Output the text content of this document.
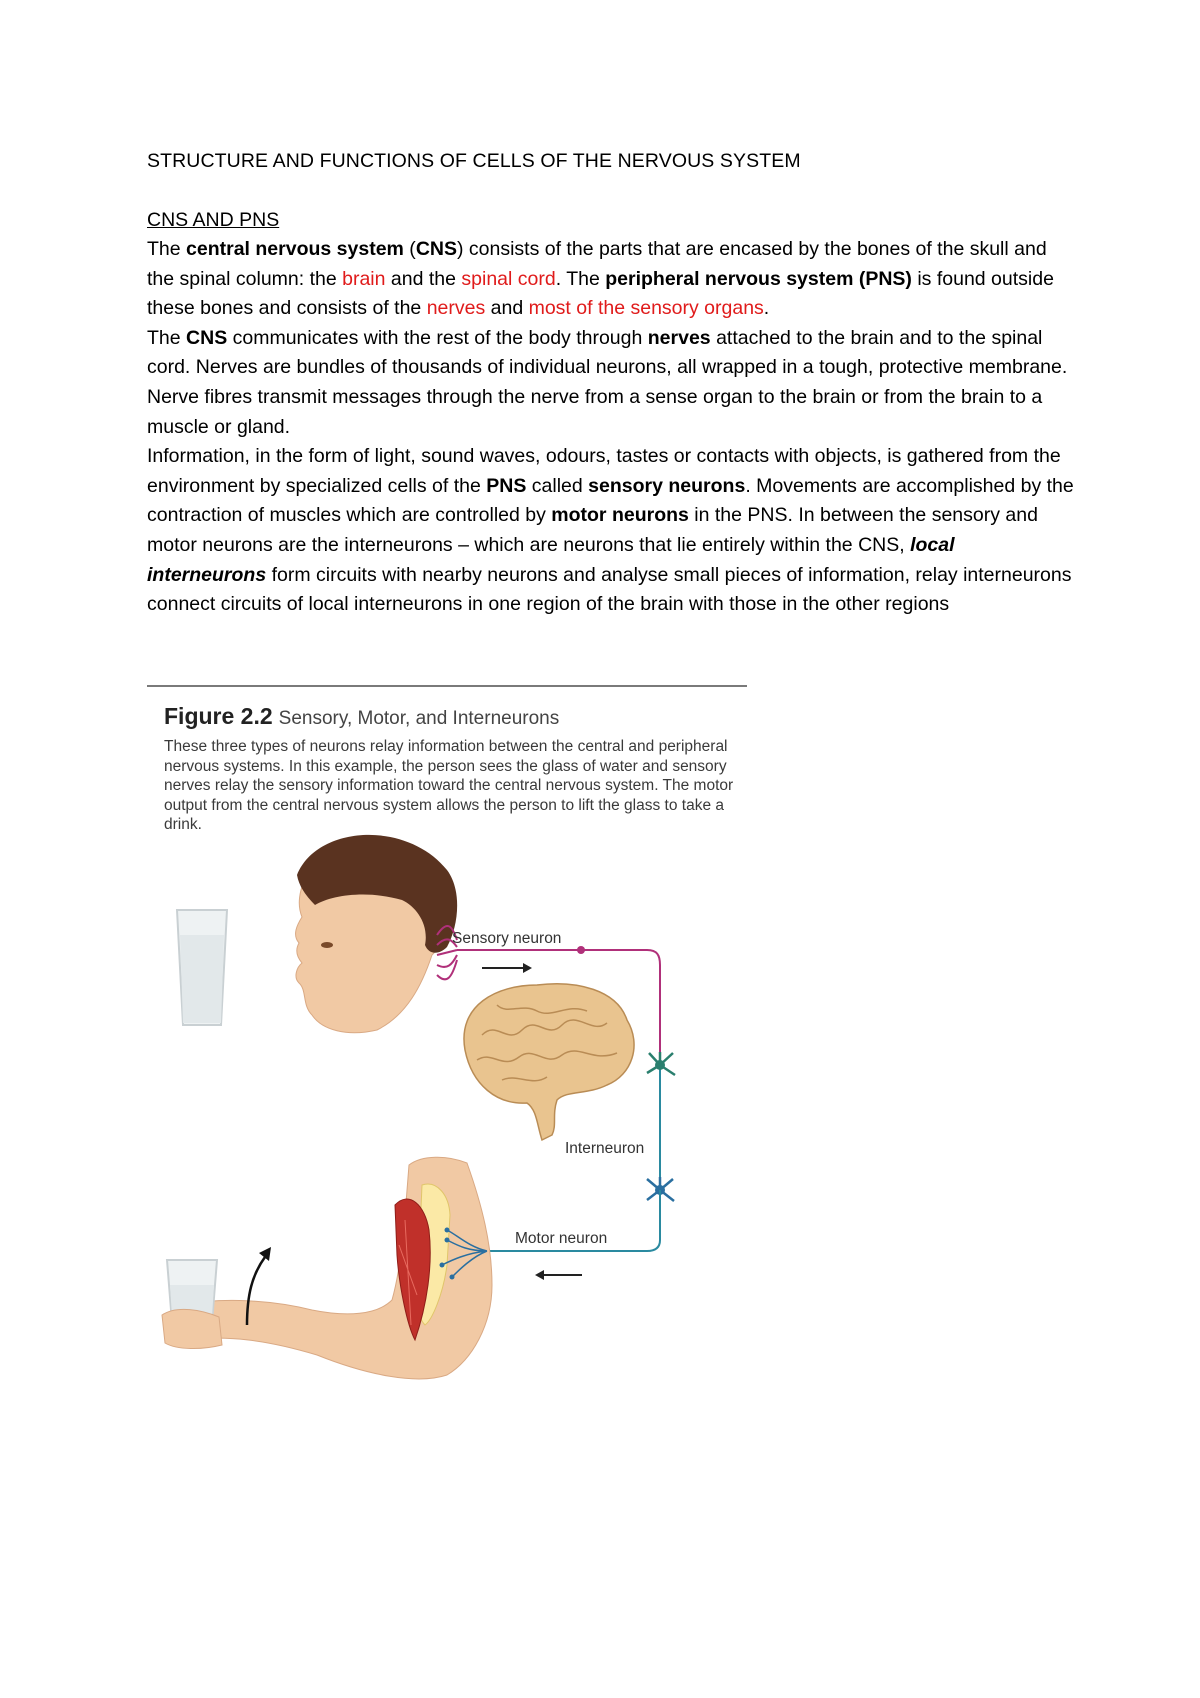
STRUCTURE AND FUNCTIONS OF CELLS OF THE NERVOUS SYSTEM
CNS AND PNS

The central nervous system (CNS) consists of the parts that are encased by the bones of the skull and the spinal column: the brain and the spinal cord. The peripheral nervous system (PNS) is found outside these bones and consists of the nerves and most of the sensory organs.

The CNS communicates with the rest of the body through nerves attached to the brain and to the spinal cord. Nerves are bundles of thousands of individual neurons, all wrapped in a tough, protective membrane. Nerve fibres transmit messages through the nerve from a sense organ to the brain or from the brain to a muscle or gland.

Information, in the form of light, sound waves, odours, tastes or contacts with objects, is gathered from the environment by specialized cells of the PNS called sensory neurons. Movements are accomplished by the contraction of muscles which are controlled by motor neurons in the PNS. In between the sensory and motor neurons are the interneurons – which are neurons that lie entirely within the CNS, local interneurons form circuits with nearby neurons and analyse small pieces of information, relay interneurons connect circuits of local interneurons in one region of the brain with those in the other regions

Figure 2.2 Sensory, Motor, and Interneurons
These three types of neurons relay information between the central and peripheral nervous systems. In this example, the person sees the glass of water and sensory nerves relay the sensory information toward the central nervous system. The motor output from the central nervous system allows the person to lift the glass to take a drink.
Sensory neuron
Interneuron
Motor neuron
